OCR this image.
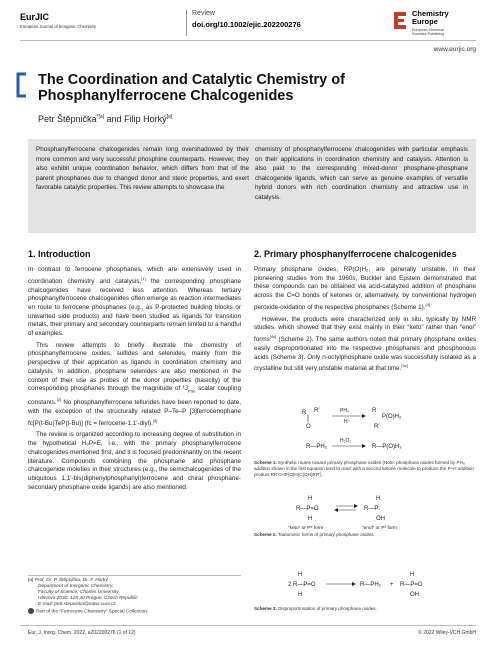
EurJIC
European Journal of Inorganic Chemistry
Review
doi.org/10.1002/ejic.202200276
Chemistry
Europe
European Chemical
Societies Publishing
www.eurjic.org
The Coordination and Catalytic Chemistry of
Phosphanylferrocene Chalcogenides
Petr Štěpnička$^{*[a]}$ and Filip Horký[a]
Phosphanylferrocene chalcogenides remain long overshadowed by their more common and very successful phosphine counterparts. However, they also exhibit unique coordination behavior, which differs from that of the parent phosphanes due to changed donor and steric properties, and exert favorable catalytic properties. This review attempts to showcase the
chemistry of phosphanylferrocene chalcogenides with particular emphasis on their applications in coordination chemistry and catalysis. Attention is also paid to the corresponding mixed-donor phosphane-phosphane chalcogenide ligands, which can serve as genuine examples of versatile hybrid donors with rich coordination chemistry and attractive use in catalysis.
1. Introduction

In contrast to ferrocene phosphanes, which are extensively used in coordination chemistry and catalysis,[1] the corresponding phosphane chalcogenides have received less attention. Whereas tertiary phosphanylferrocene chalcogenides often emerge as reaction intermediates en route to ferrocene phosphanes (e.g., as P-protected building blocks or unwanted side products) and have been studied as ligands for transition metals, their primary and secondary counterparts remain limited to a handful of examples.

This review attempts to briefly illustrate the chemistry of phosphanylferrocene oxides, sulfides and selenides, mainly from the perspective of their application as ligands in coordination chemistry and catalysis. In addition, phosphane selenides are also mentioned in the context of their use as probes of the donor properties (basicity) of the corresponding phosphanes through the magnitude of $^1J_{PSe}$ scalar coupling constants.[2] No phosphanylferrocene tellurides have been reported to date, with the exception of the structurally related P–Te–P [3]ferrocenophane fc[P(t-Bu)TeP(t-Bu)] (fc = ferrocene-1,1′-diyl).[3]

The review is organized according to increasing degree of substitution in the hypothetical H₃P=E, i.e., with the primary phosphanylferrocene chalcogenides mentioned first, and it is focused predominantly on the recent literature. Compounds combining the phosphane and phosphane chalcogenide moieties in their structures (e.g., the semichalcogenides of the ubiquitous 1,1′-bis(diphenylphosphanyl)ferrocene and chiral phosphane-secondary phosphane oxide ligands) are also mentioned.

2. Primary phosphanylferrocene chalcogenides

Primary phosphane oxides, RP(O)H₂, are generally unstable. In their pioneering studies from the 1960s, Buckler and Epstein demonstrated that these compounds can be obtained via acid-catalyzed addition of phosphane across the C=O bonds of ketones or, alternatively, by conventional hydrogen peroxide-oxidation of the respective phosphanes (Scheme 1).[4]

However, the products were characterized only in situ, typically by NMR studies, which showed that they exist mainly in their “keto” rather than “enol” forms[4c] (Scheme 2). The same authors noted that primary phosphane oxides easily disproportionated into the respective phosphanes and phosphonous acids (Scheme 3). Only n-octylphosphane oxide was successfully isolated as a crystalline but still very unstable material at that time.[4c]

R R′
O
PH₃
H⁺
R
P(O)H₂
R′
R—PH₂
H₂O₂
R—P(O)H₂
Scheme 1. Synthetic routes toward primary phosphane oxides (Note: phosphane oxides formed by PH₃ addition shown in the first equation tend to react with a second ketone molecule to produce the P–H addition product RR′CHP(O)H(C(OH)RR′).
H
R—P=O
H
H
R—P:
OH
“keto” or P⁵ form	“enol” or P³ form
Scheme 2. Tautomeric forms of primary phosphane oxides.
H
2 R—P=O
H
R—PH₂ +
H
R—P=O
OH
Scheme 3. Disproportionation of primary phosphane oxides.
[a] Prof. Dr. P. Štěpnička, Dr. F. Horký
Department of Inorganic Chemistry,
Faculty of Science, Charles University
Hlavova 2030, 128 40 Prague, Czech Republic
E-mail: petr.stepnicka@natur.cuni.cz
Part of the “Ferrocene Chemistry” Special Collection.
Eur. J. Inorg. Chem. 2022, e202200276 (1 of 12)	© 2022 Wiley-VCH GmbH
